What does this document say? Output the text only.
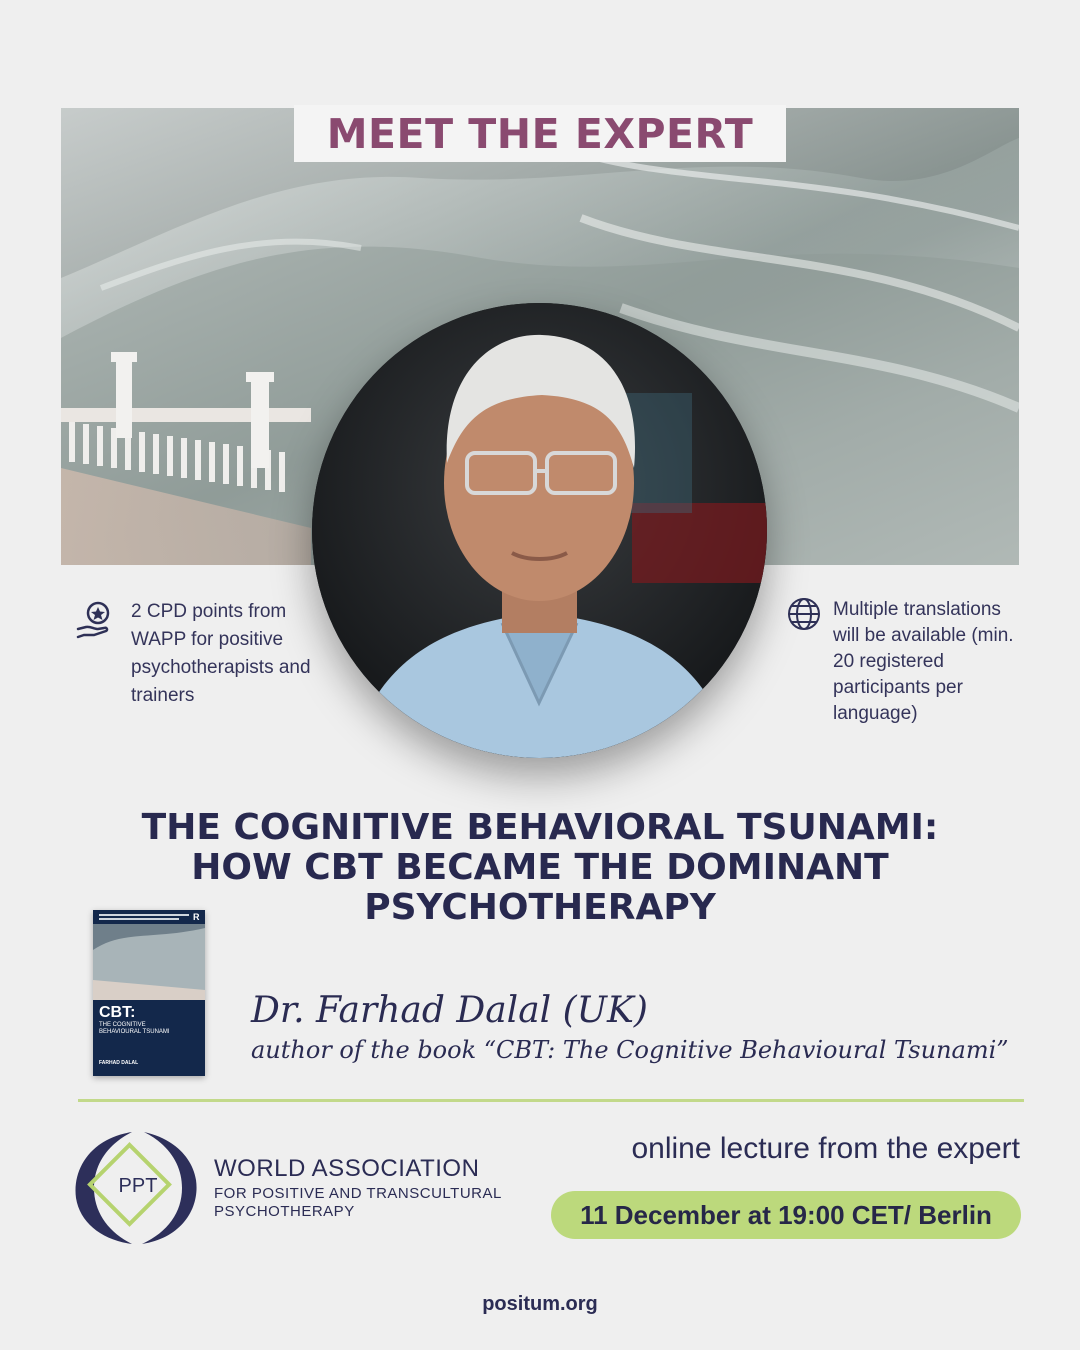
MEET THE EXPERT
2 CPD points from
WAPP for positive
psychotherapists and
trainers
Multiple translations
will be available (min.
20 registered
participants per
language)
THE COGNITIVE BEHAVIORAL TSUNAMI:
HOW CBT BECAME THE DOMINANT
PSYCHOTHERAPY
R
CBT:
THE COGNITIVE
BEHAVIOURAL TSUNAMI
FARHAD DALAL
Dr. Farhad Dalal (UK)
author of the book “CBT: The Cognitive Behavioural Tsunami”
PPT
WORLD ASSOCIATION
FOR POSITIVE AND TRANSCULTURAL
PSYCHOTHERAPY
online lecture from the expert
11 December at 19:00 CET/ Berlin
positum.org
